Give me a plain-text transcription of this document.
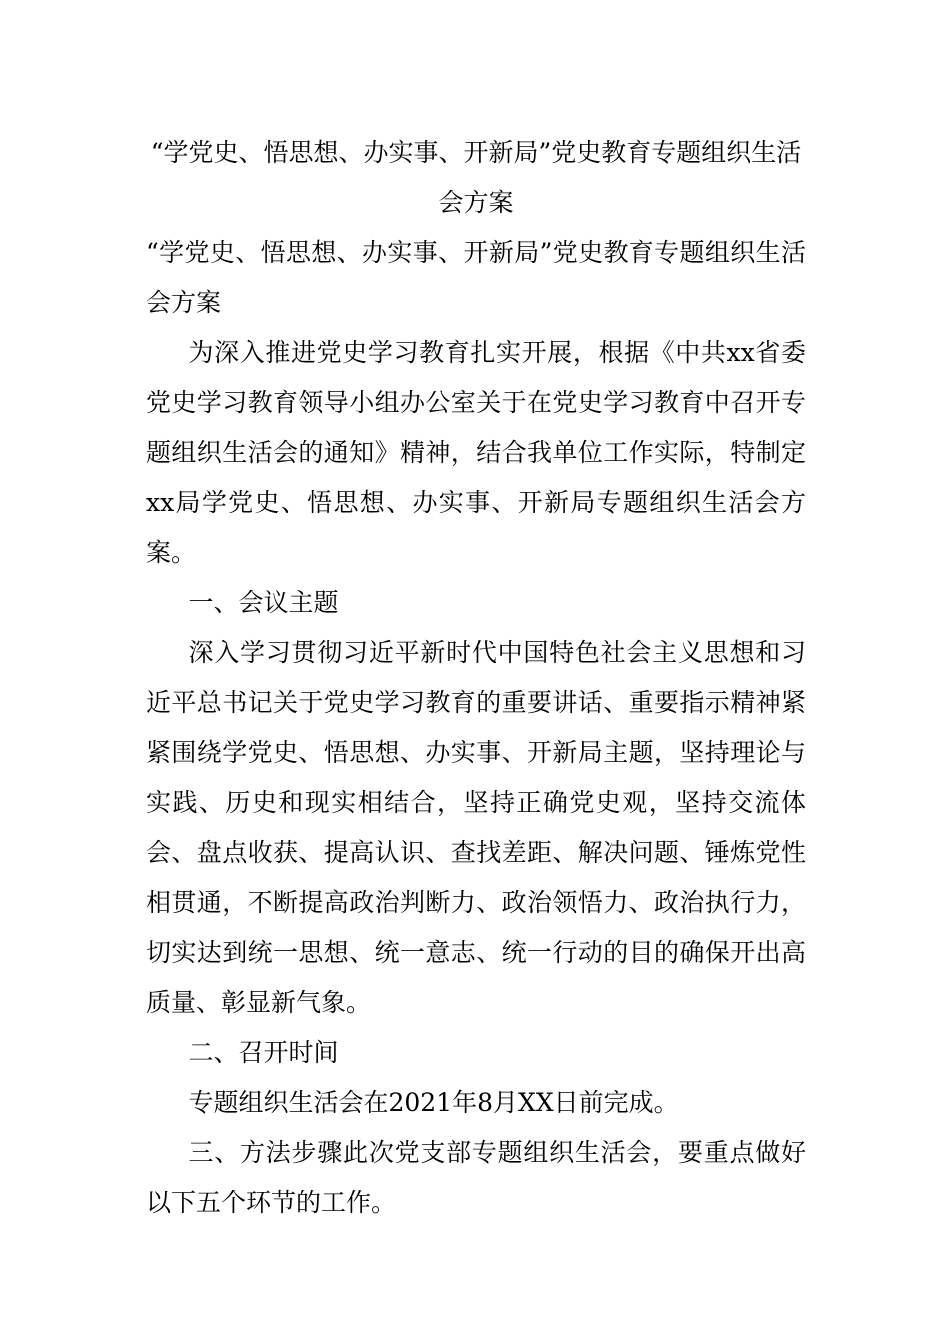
“学党史、悟思想、办实事、开新局”党史教育专题组织生活会方案

“学党史、悟思想、办实事、开新局”党史教育专题组织生活会方案

为深入推进党史学习教育扎实开展，根据《中共xx省委党史学习教育领导小组办公室关于在党史学习教育中召开专题组织生活会的通知》精神，结合我单位工作实际，特制定xx局学党史、悟思想、办实事、开新局专题组织生活会方案。

一、会议主题

深入学习贯彻习近平新时代中国特色社会主义思想和习近平总书记关于党史学习教育的重要讲话、重要指示精神紧紧围绕学党史、悟思想、办实事、开新局主题，坚持理论与实践、历史和现实相结合，坚持正确党史观，坚持交流体会、盘点收获、提高认识、查找差距、解决问题、锤炼党性相贯通，不断提高政治判断力、政治领悟力、政治执行力，切实达到统一思想、统一意志、统一行动的目的确保开出高质量、彰显新气象。

二、召开时间

专题组织生活会在2021年8月XX日前完成。

三、方法步骤此次党支部专题组织生活会，要重点做好以下五个环节的工作。
